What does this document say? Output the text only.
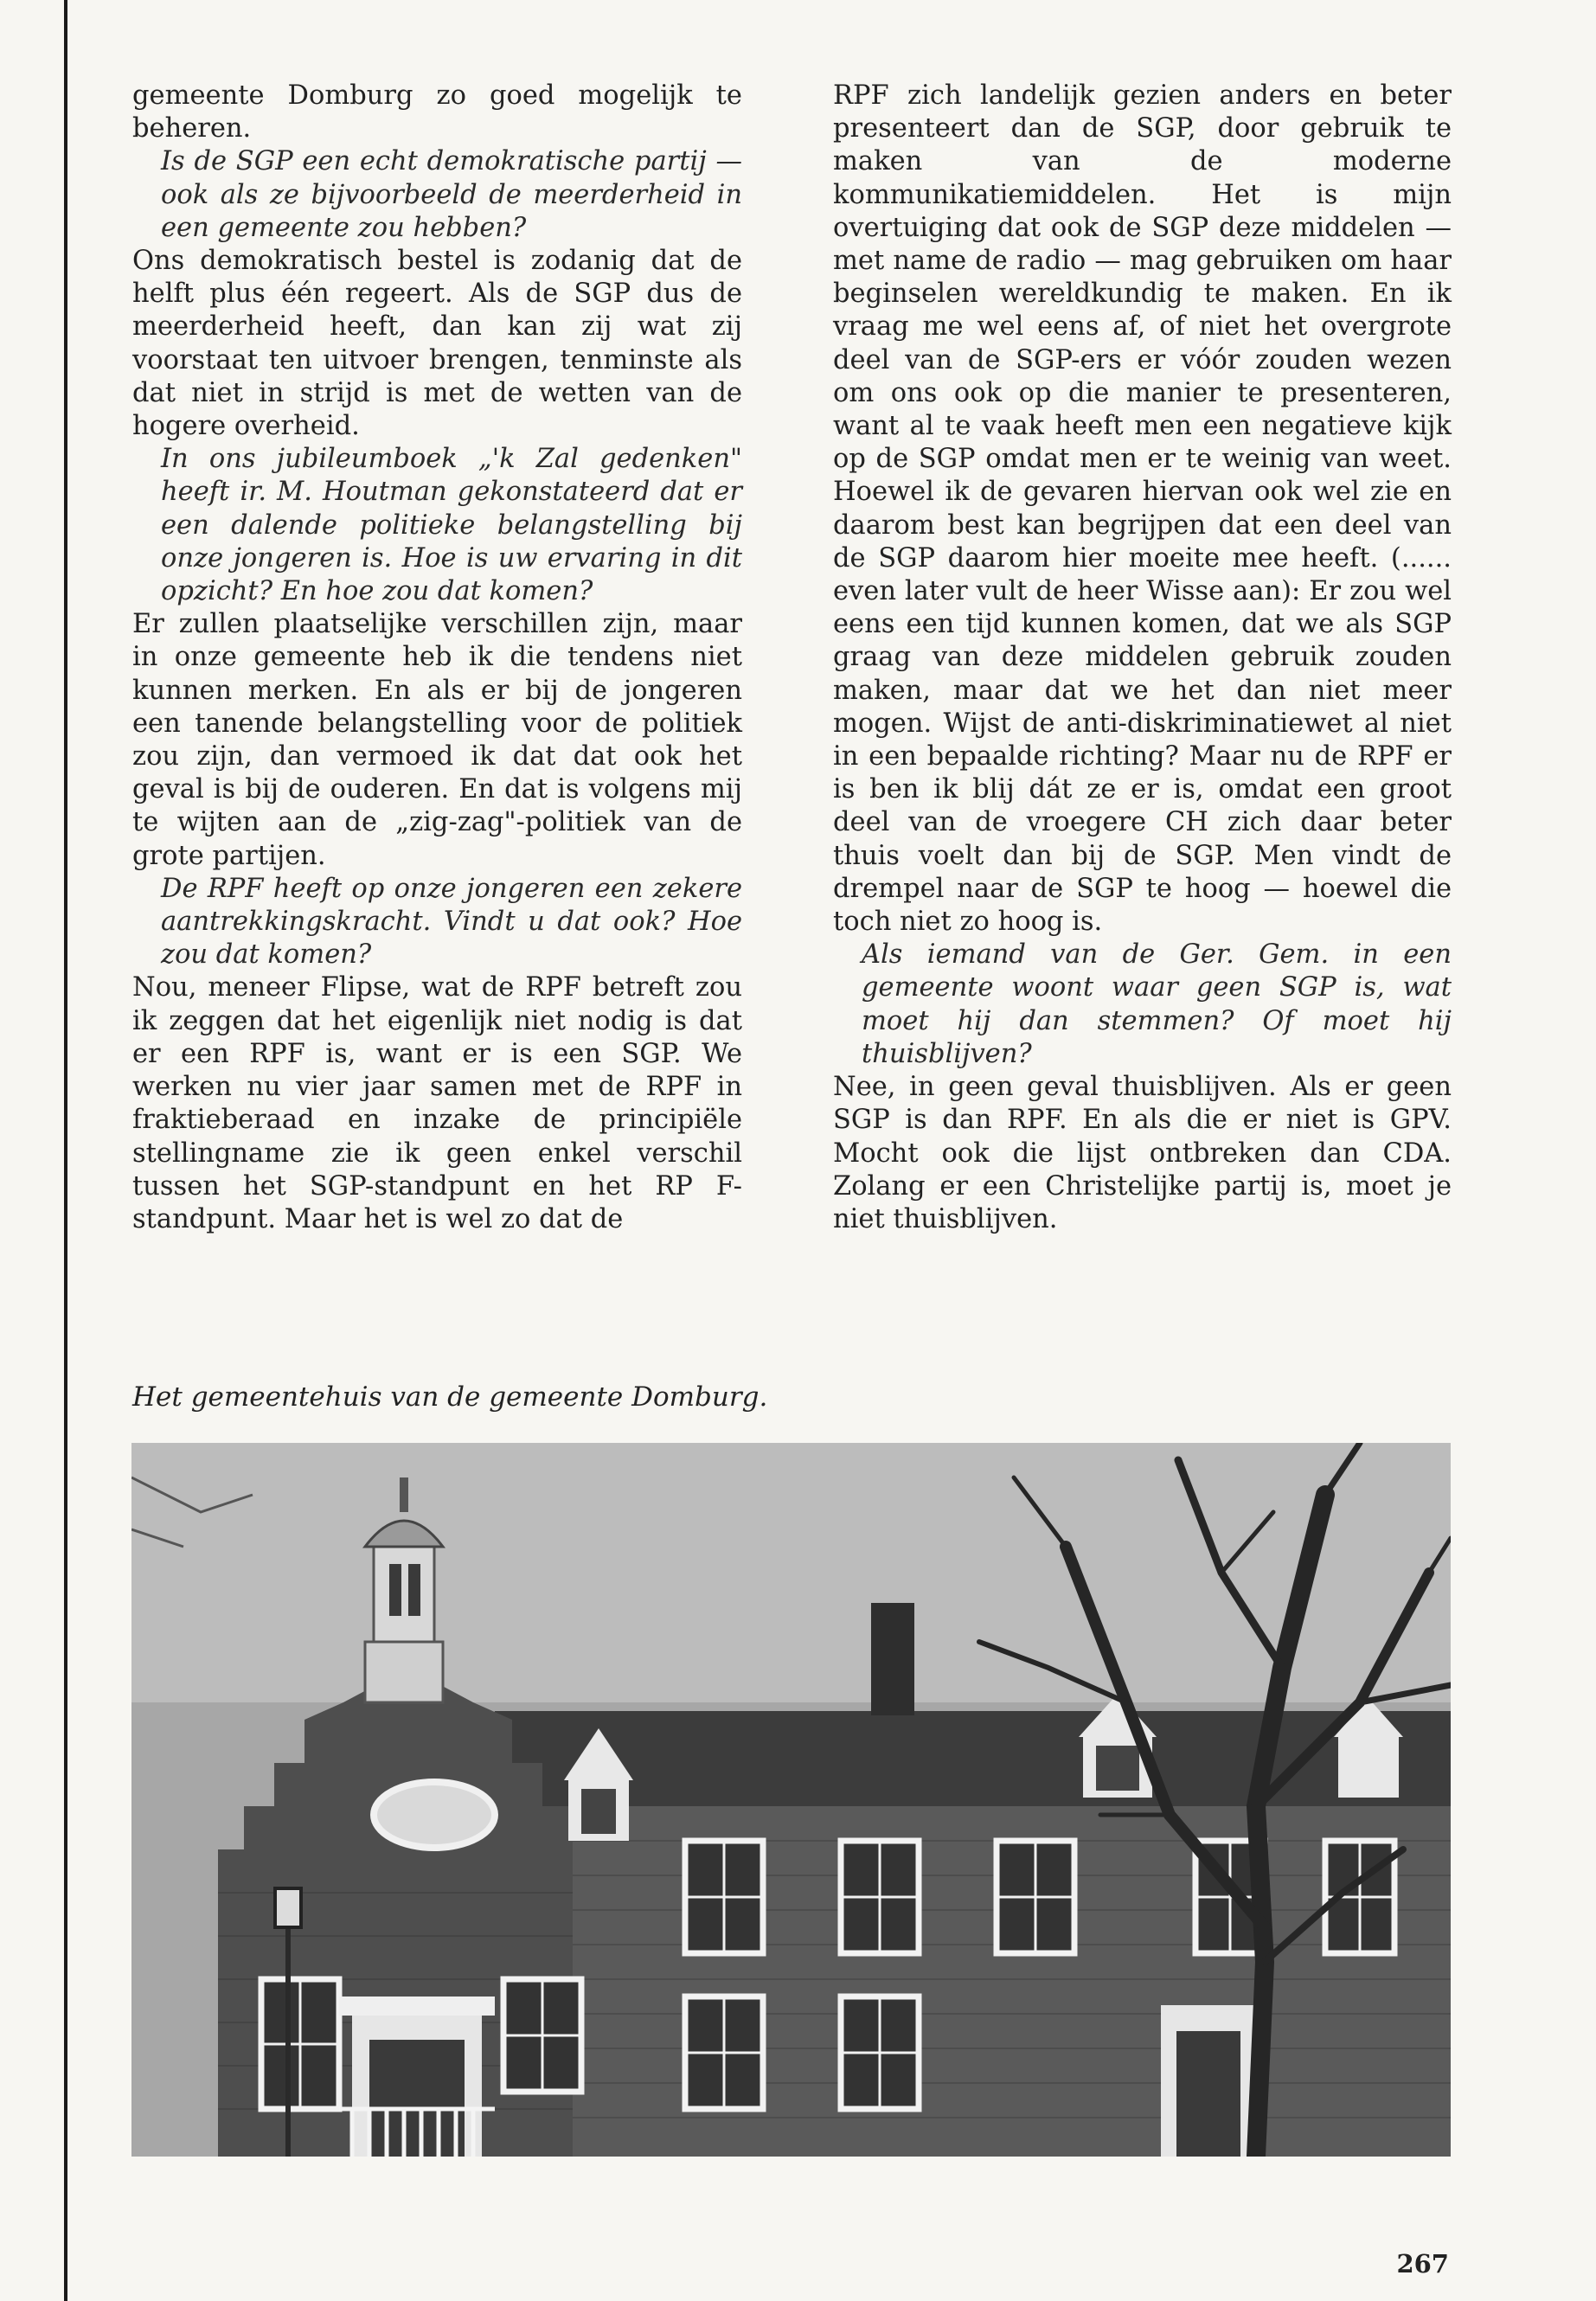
gemeente Domburg zo goed mogelijk te beheren.

Is de SGP een echt demokratische partij — ook als ze bijvoorbeeld de meerderheid in een gemeente zou hebben?

Ons demokratisch bestel is zodanig dat de helft plus één regeert. Als de SGP dus de meerderheid heeft, dan kan zij wat zij voorstaat ten uitvoer brengen, tenminste als dat niet in strijd is met de wetten van de hogere overheid.

In ons jubileumboek „'k Zal gedenken" heeft ir. M. Houtman gekonstateerd dat er een dalende politieke belangstelling bij onze jongeren is. Hoe is uw ervaring in dit opzicht? En hoe zou dat komen?

Er zullen plaatselijke verschillen zijn, maar in onze gemeente heb ik die tendens niet kunnen merken. En als er bij de jongeren een tanende belangstelling voor de politiek zou zijn, dan vermoed ik dat dat ook het geval is bij de ouderen. En dat is volgens mij te wijten aan de „zig-zag"-politiek van de grote partijen.

De RPF heeft op onze jongeren een zekere aantrekkingskracht. Vindt u dat ook? Hoe zou dat komen?

Nou, meneer Flipse, wat de RPF betreft zou ik zeggen dat het eigenlijk niet nodig is dat er een RPF is, want er is een SGP. We werken nu vier jaar samen met de RPF in fraktieberaad en inzake de principiële stellingname zie ik geen enkel verschil tussen het SGP-standpunt en het RP F-standpunt. Maar het is wel zo dat de

RPF zich landelijk gezien anders en beter presenteert dan de SGP, door gebruik te maken van de moderne kommunikatiemiddelen. Het is mijn overtuiging dat ook de SGP deze middelen — met name de radio — mag gebruiken om haar beginselen wereldkundig te maken. En ik vraag me wel eens af, of niet het overgrote deel van de SGP-ers er vóór zouden wezen om ons ook op die manier te presenteren, want al te vaak heeft men een negatieve kijk op de SGP omdat men er te weinig van weet. Hoewel ik de gevaren hiervan ook wel zie en daarom best kan begrijpen dat een deel van de SGP daarom hier moeite mee heeft. (...... even later vult de heer Wisse aan): Er zou wel eens een tijd kunnen komen, dat we als SGP graag van deze middelen gebruik zouden maken, maar dat we het dan niet meer mogen. Wijst de anti-diskriminatiewet al niet in een bepaalde richting? Maar nu de RPF er is ben ik blij dát ze er is, omdat een groot deel van de vroegere CH zich daar beter thuis voelt dan bij de SGP. Men vindt de drempel naar de SGP te hoog — hoewel die toch niet zo hoog is.

Als iemand van de Ger. Gem. in een gemeente woont waar geen SGP is, wat moet hij dan stemmen? Of moet hij thuisblijven?

Nee, in geen geval thuisblijven. Als er geen SGP is dan RPF. En als die er niet is GPV. Mocht ook die lijst ontbreken dan CDA. Zolang er een Christelijke partij is, moet je niet thuisblijven.

Het gemeentehuis van de gemeente Domburg.
267
